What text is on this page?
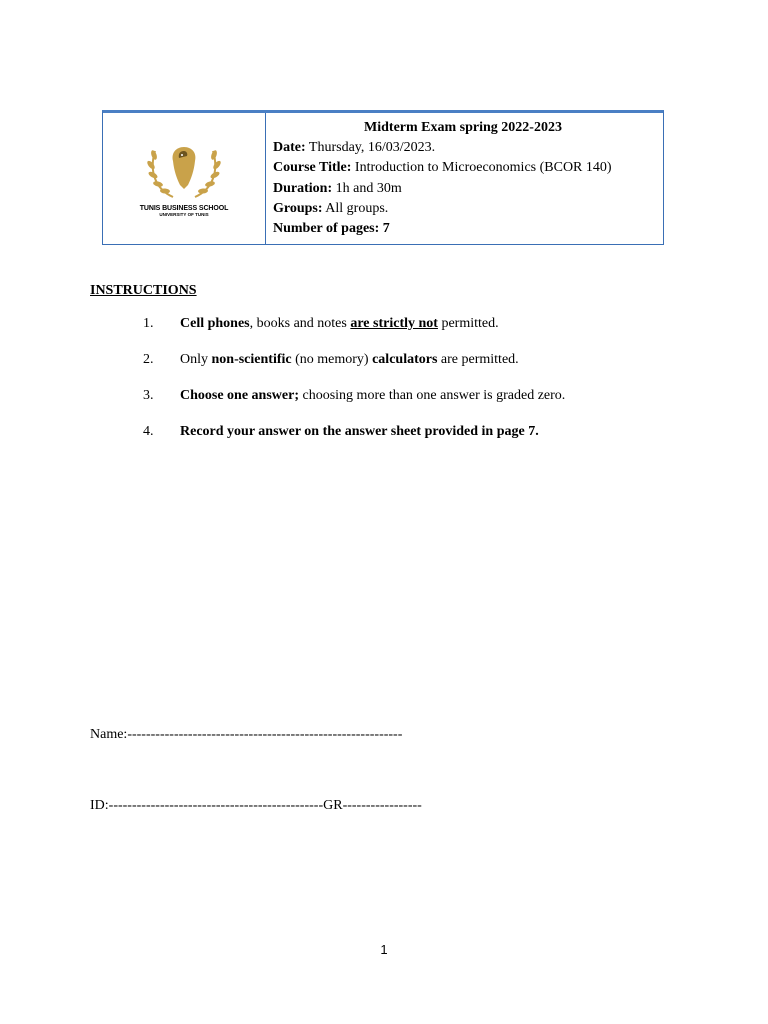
TUNIS BUSINESS SCHOOL
UNIVERSITY OF TUNIS
Midterm Exam spring 2022-2023
Date: Thursday, 16/03/2023.
Course Title: Introduction to Microeconomics (BCOR 140)
Duration: 1h and 30m
Groups: All groups.
Number of pages: 7
INSTRUCTIONS
1. Cell phones, books and notes are strictly not permitted.
2. Only non-scientific (no memory) calculators are permitted.
3. Choose one answer; choosing more than one answer is graded zero.
4. Record your answer on the answer sheet provided in page 7.
Name:-----------------------------------------------------------
ID:----------------------------------------------GR-----------------
1
